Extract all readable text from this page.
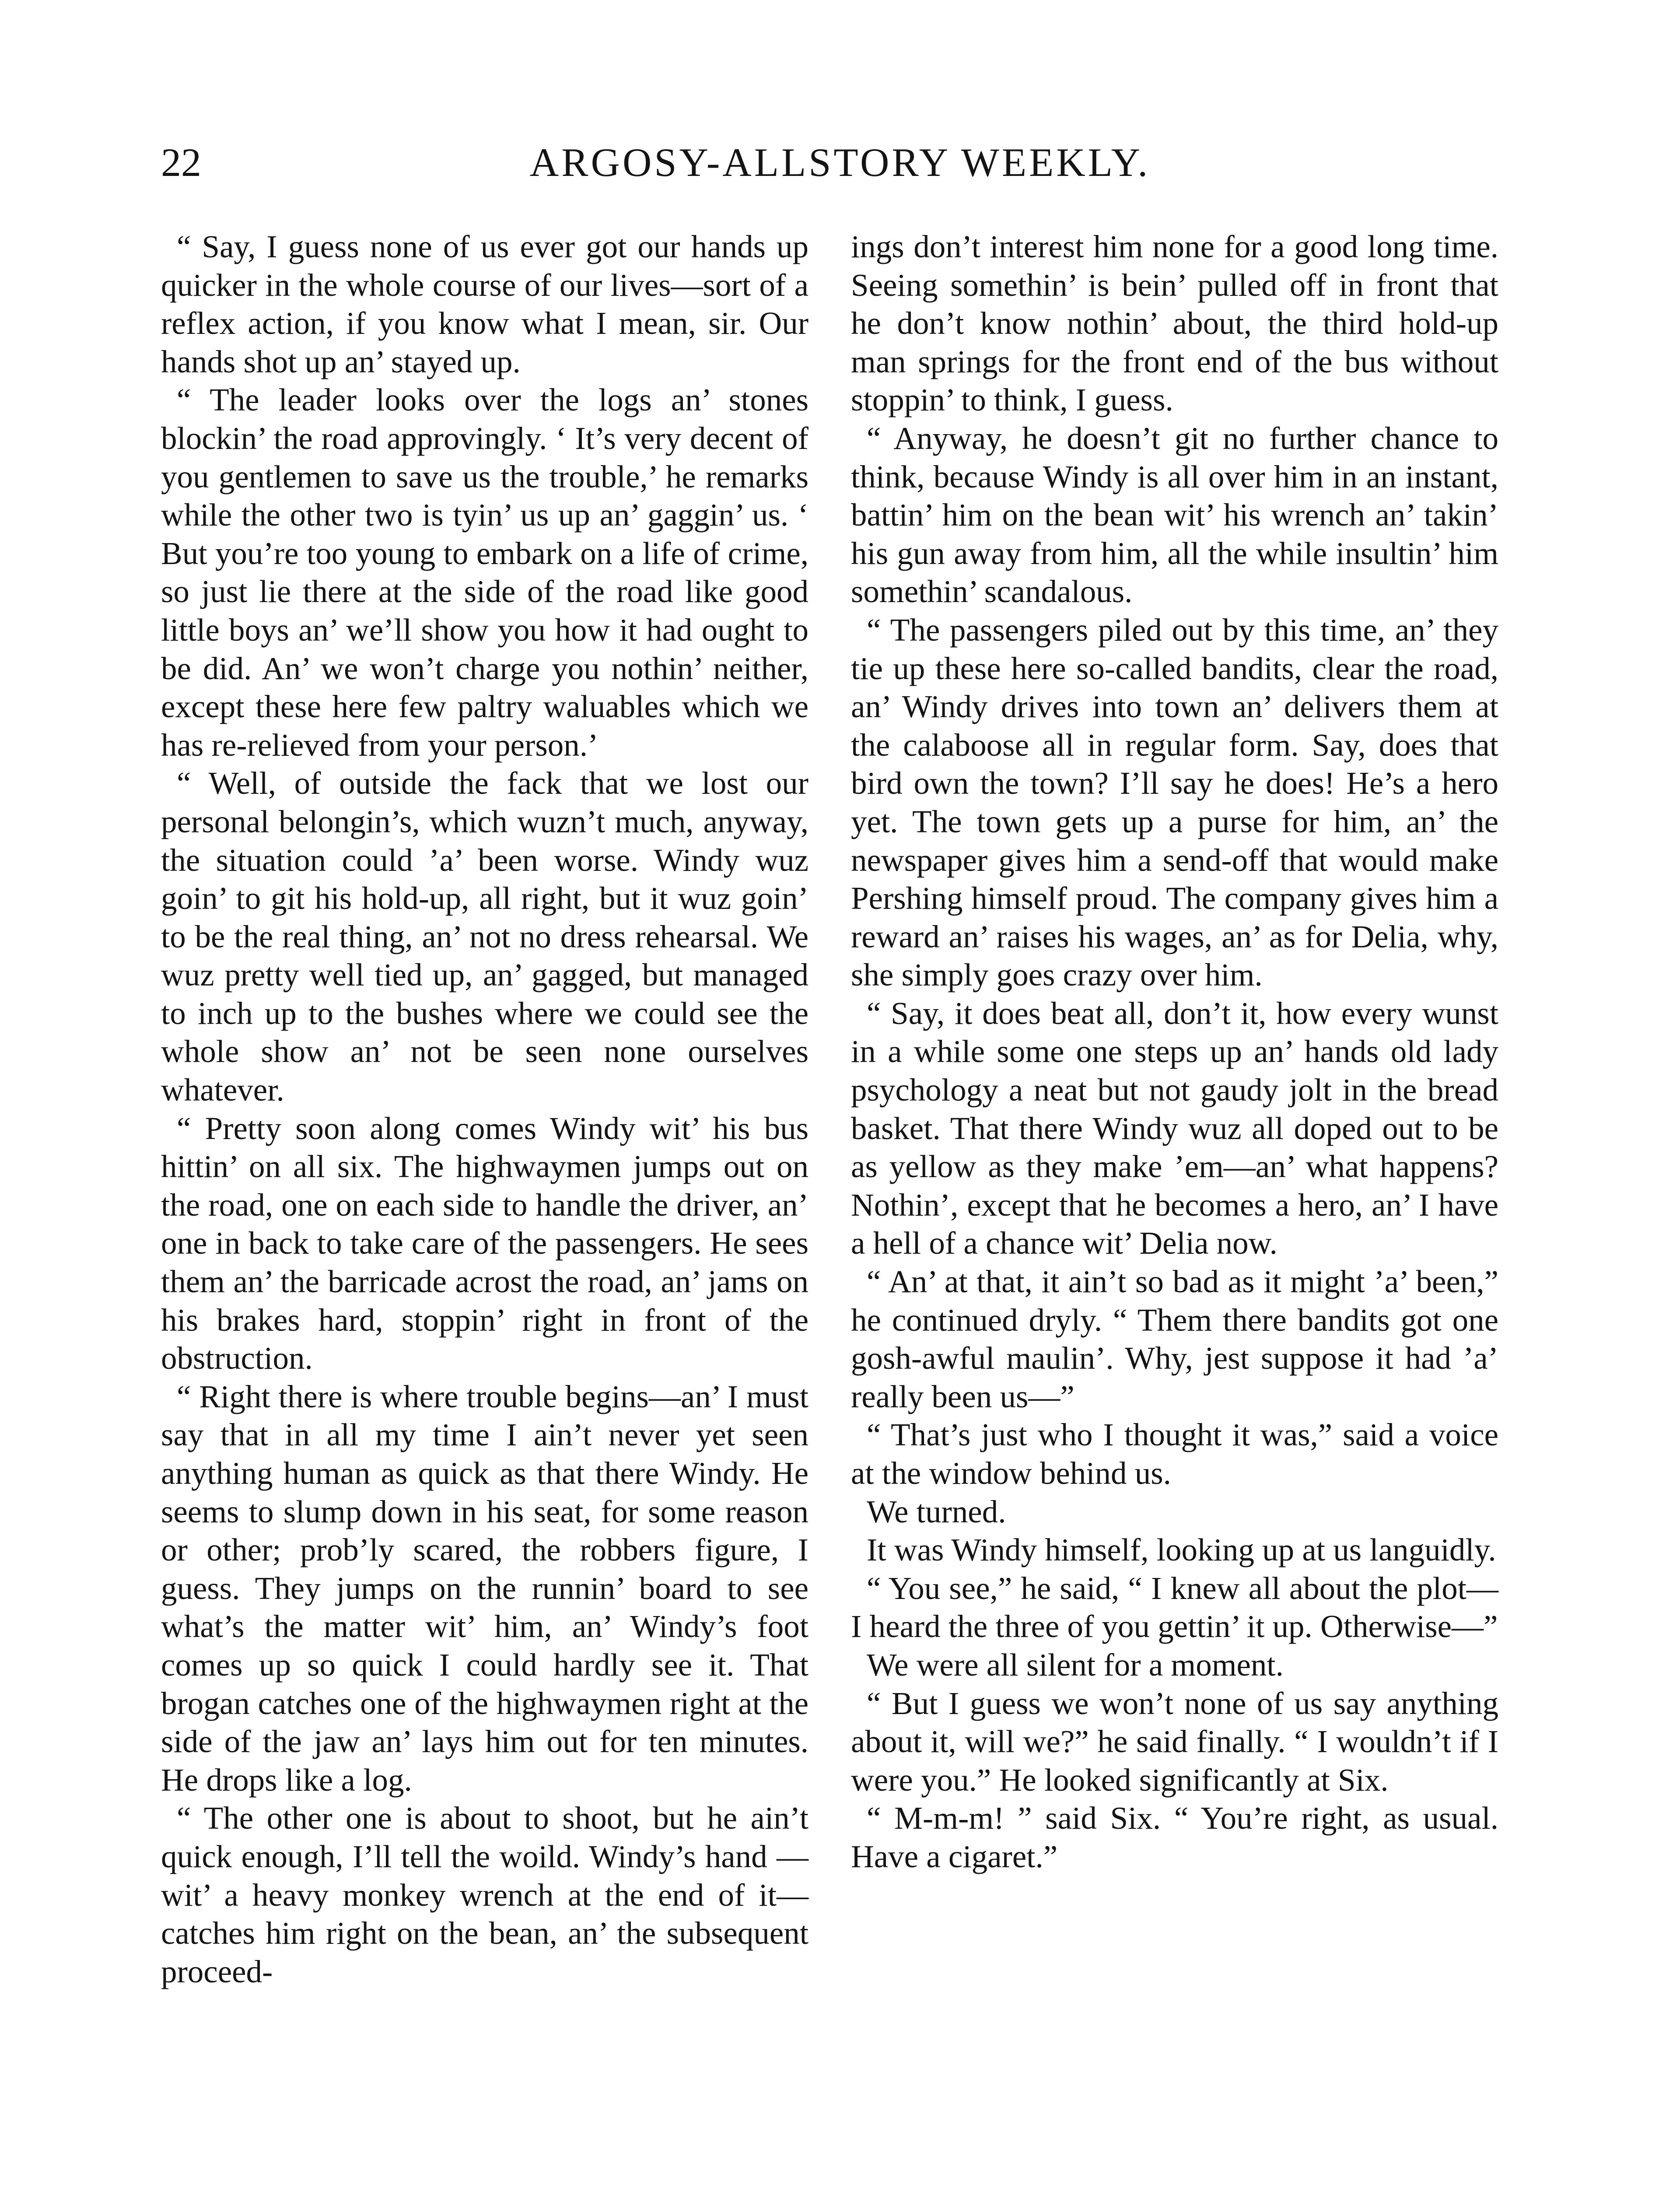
22	ARGOSY-ALLSTORY WEEKLY.

“ Say, I guess none of us ever got our hands up quicker in the whole course of our lives—sort of a reflex action, if you know what I mean, sir. Our hands shot up an’ stayed up.

“ The leader looks over the logs an’ stones blockin’ the road approvingly. ‘ It’s very decent of you gentlemen to save us the trouble,’ he remarks while the other two is tyin’ us up an’ gaggin’ us. ‘ But you’re too young to embark on a life of crime, so just lie there at the side of the road like good little boys an’ we’ll show you how it had ought to be did. An’ we won’t charge you nothin’ neither, except these here few paltry waluables which we has re-relieved from your person.’

“ Well, of outside the fack that we lost our personal belongin’s, which wuzn’t much, anyway, the situation could ’a’ been worse. Windy wuz goin’ to git his hold-up, all right, but it wuz goin’ to be the real thing, an’ not no dress rehearsal. We wuz pretty well tied up, an’ gagged, but managed to inch up to the bushes where we could see the whole show an’ not be seen none ourselves whatever.

“ Pretty soon along comes Windy wit’ his bus hittin’ on all six. The highwaymen jumps out on the road, one on each side to handle the driver, an’ one in back to take care of the passengers. He sees them an’ the barricade acrost the road, an’ jams on his brakes hard, stoppin’ right in front of the obstruction.

“ Right there is where trouble begins—an’ I must say that in all my time I ain’t never yet seen anything human as quick as that there Windy. He seems to slump down in his seat, for some reason or other; prob’ly scared, the robbers figure, I guess. They jumps on the runnin’ board to see what’s the matter wit’ him, an’ Windy’s foot comes up so quick I could hardly see it. That brogan catches one of the highwaymen right at the side of the jaw an’ lays him out for ten minutes. He drops like a log.

“ The other one is about to shoot, but he ain’t quick enough, I’ll tell the woild. Windy’s hand — wit’ a heavy monkey wrench at the end of it—catches him right on the bean, an’ the subsequent proceed-

ings don’t interest him none for a good long time. Seeing somethin’ is bein’ pulled off in front that he don’t know nothin’ about, the third hold-up man springs for the front end of the bus without stoppin’ to think, I guess.

“ Anyway, he doesn’t git no further chance to think, because Windy is all over him in an instant, battin’ him on the bean wit’ his wrench an’ takin’ his gun away from him, all the while insultin’ him somethin’ scandalous.

“ The passengers piled out by this time, an’ they tie up these here so-called bandits, clear the road, an’ Windy drives into town an’ delivers them at the calaboose all in regular form. Say, does that bird own the town? I’ll say he does! He’s a hero yet. The town gets up a purse for him, an’ the newspaper gives him a send-off that would make Pershing himself proud. The company gives him a reward an’ raises his wages, an’ as for Delia, why, she simply goes crazy over him.

“ Say, it does beat all, don’t it, how every wunst in a while some one steps up an’ hands old lady psychology a neat but not gaudy jolt in the bread basket. That there Windy wuz all doped out to be as yellow as they make ’em—an’ what happens? Nothin’, except that he becomes a hero, an’ I have a hell of a chance wit’ Delia now.

“ An’ at that, it ain’t so bad as it might ’a’ been,” he continued dryly. “ Them there bandits got one gosh-awful maulin’. Why, jest suppose it had ’a’ really been us—”

“ That’s just who I thought it was,” said a voice at the window behind us.

We turned.

It was Windy himself, looking up at us languidly.

“ You see,” he said, “ I knew all about the plot—I heard the three of you gettin’ it up. Otherwise—”

We were all silent for a moment.

“ But I guess we won’t none of us say anything about it, will we?” he said finally. “ I wouldn’t if I were you.” He looked significantly at Six.

“ M-m-m! ” said Six. “ You’re right, as usual. Have a cigaret.”
